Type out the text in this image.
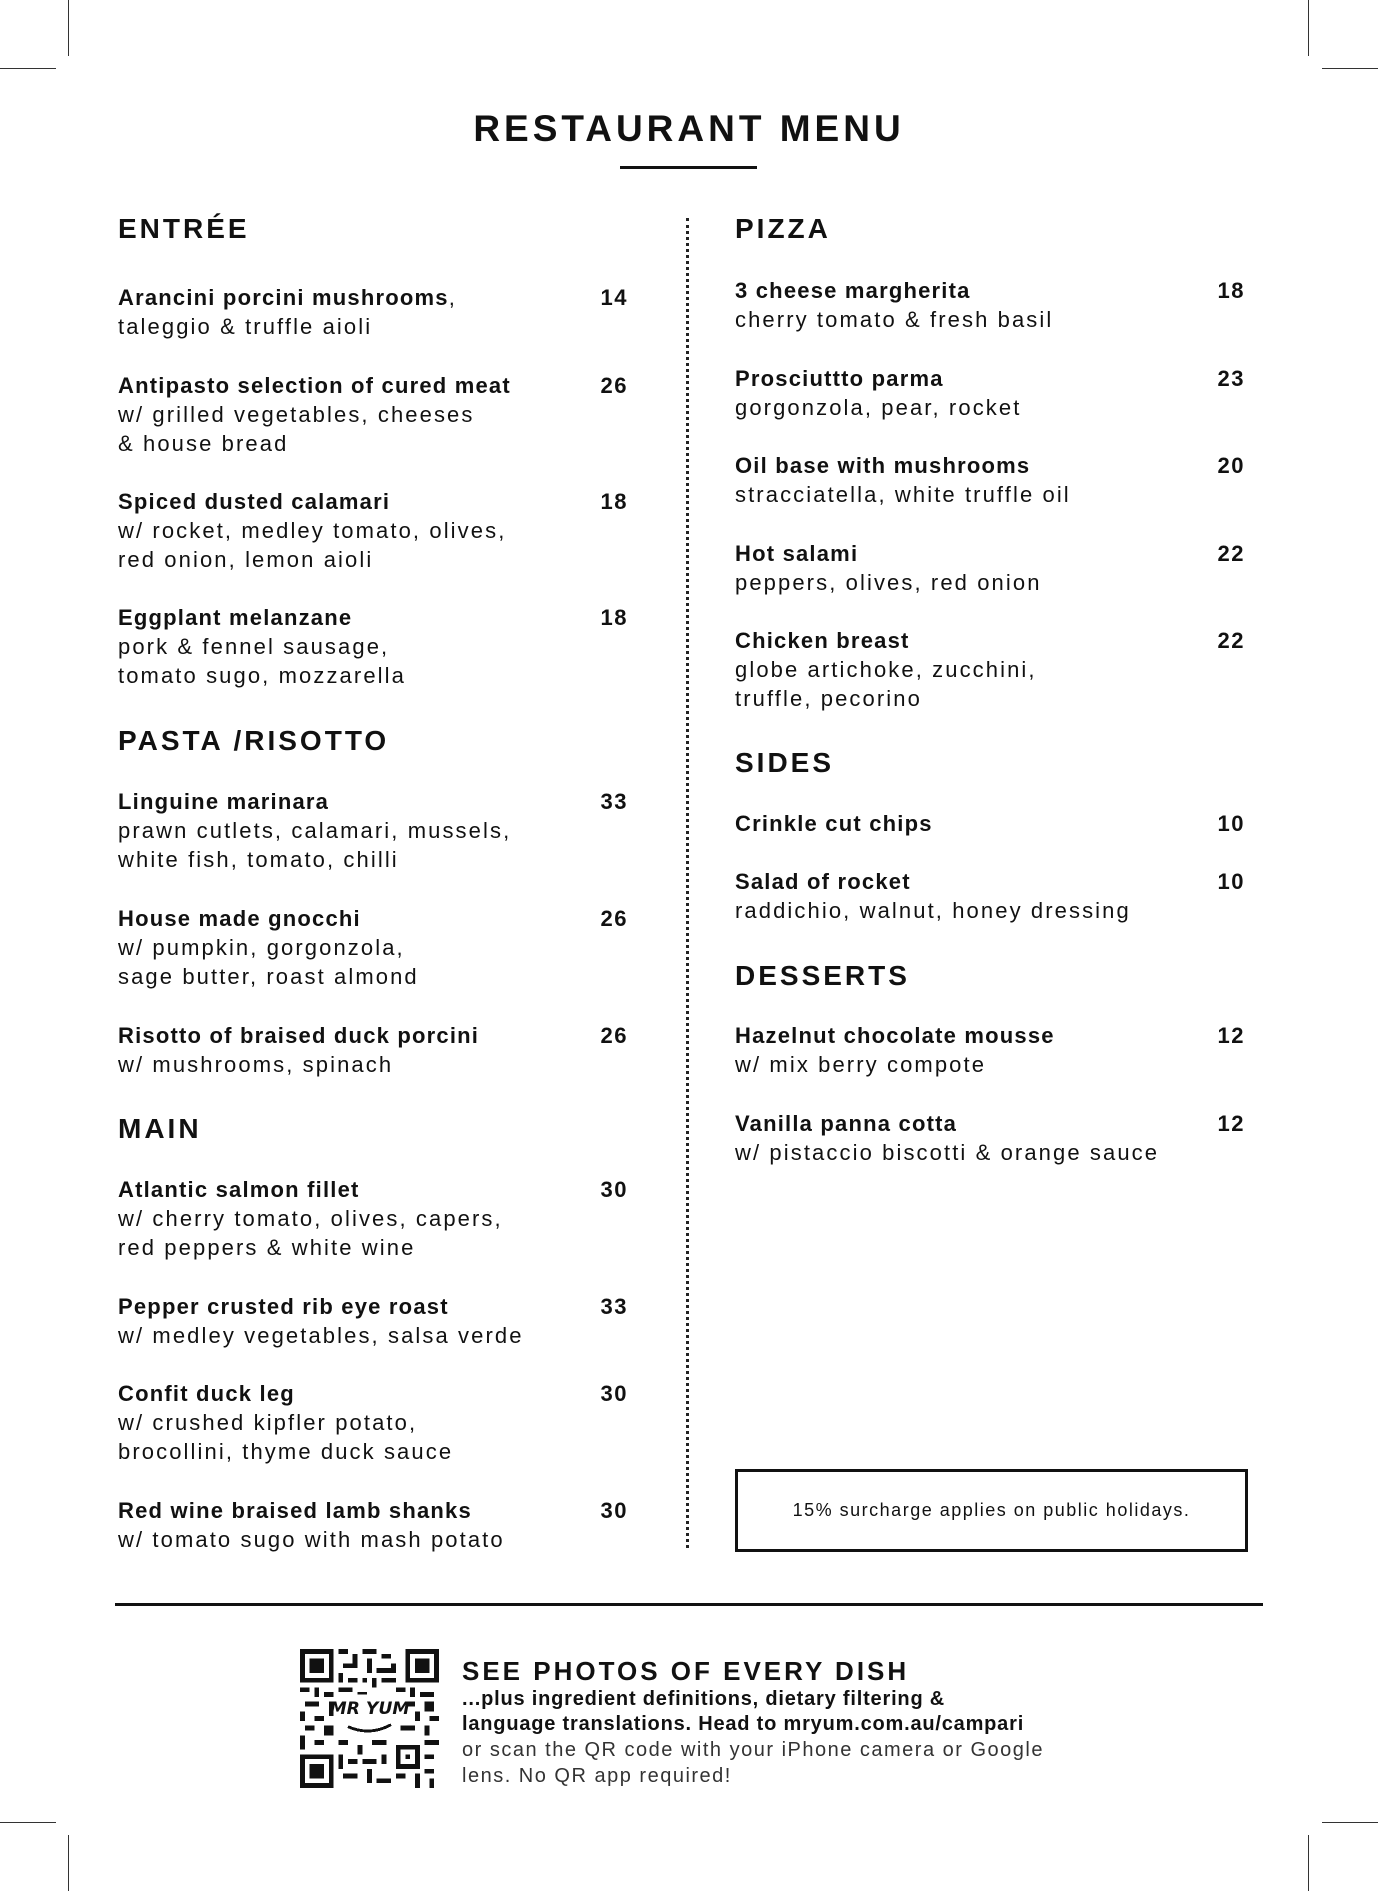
RESTAURANT MENU
ENTRÉE
Arancini porcini mushrooms,
taleggio & truffle aioli
14
Antipasto selection of cured meat
w/ grilled vegetables, cheeses
& house bread
26
Spiced dusted calamari
w/ rocket, medley tomato, olives,
red onion, lemon aioli
18
Eggplant melanzane
pork & fennel sausage,
tomato sugo, mozzarella
18
PASTA /RISOTTO
Linguine marinara
prawn cutlets, calamari, mussels,
white fish, tomato, chilli
33
House made gnocchi
w/ pumpkin, gorgonzola,
sage butter, roast almond
26
Risotto of braised duck porcini
w/ mushrooms, spinach
26
MAIN
Atlantic salmon fillet
w/ cherry tomato, olives, capers,
red peppers & white wine
30
Pepper crusted rib eye roast
w/ medley vegetables, salsa verde
33
Confit duck leg
w/ crushed kipfler potato,
brocollini, thyme duck sauce
30
Red wine braised lamb shanks
w/ tomato sugo with mash potato
30
PIZZA
3 cheese margherita
cherry tomato & fresh basil
18
Prosciuttto parma
gorgonzola, pear, rocket
23
Oil base with mushrooms
stracciatella, white truffle oil
20
Hot salami
peppers, olives, red onion
22
Chicken breast
globe artichoke, zucchini,
truffle, pecorino
22
SIDES
Crinkle cut chips	10
Salad of rocket
raddichio, walnut, honey dressing
10
DESSERTS
Hazelnut chocolate mousse
w/ mix berry compote
12
Vanilla panna cotta
w/ pistaccio biscotti & orange sauce
12
15% surcharge applies on public holidays.
MR YUM
SEE PHOTOS OF EVERY DISH
...plus ingredient definitions, dietary filtering &
language translations. Head to mryum.com.au/campari
or scan the QR code with your iPhone camera or Google
lens. No QR app required!
